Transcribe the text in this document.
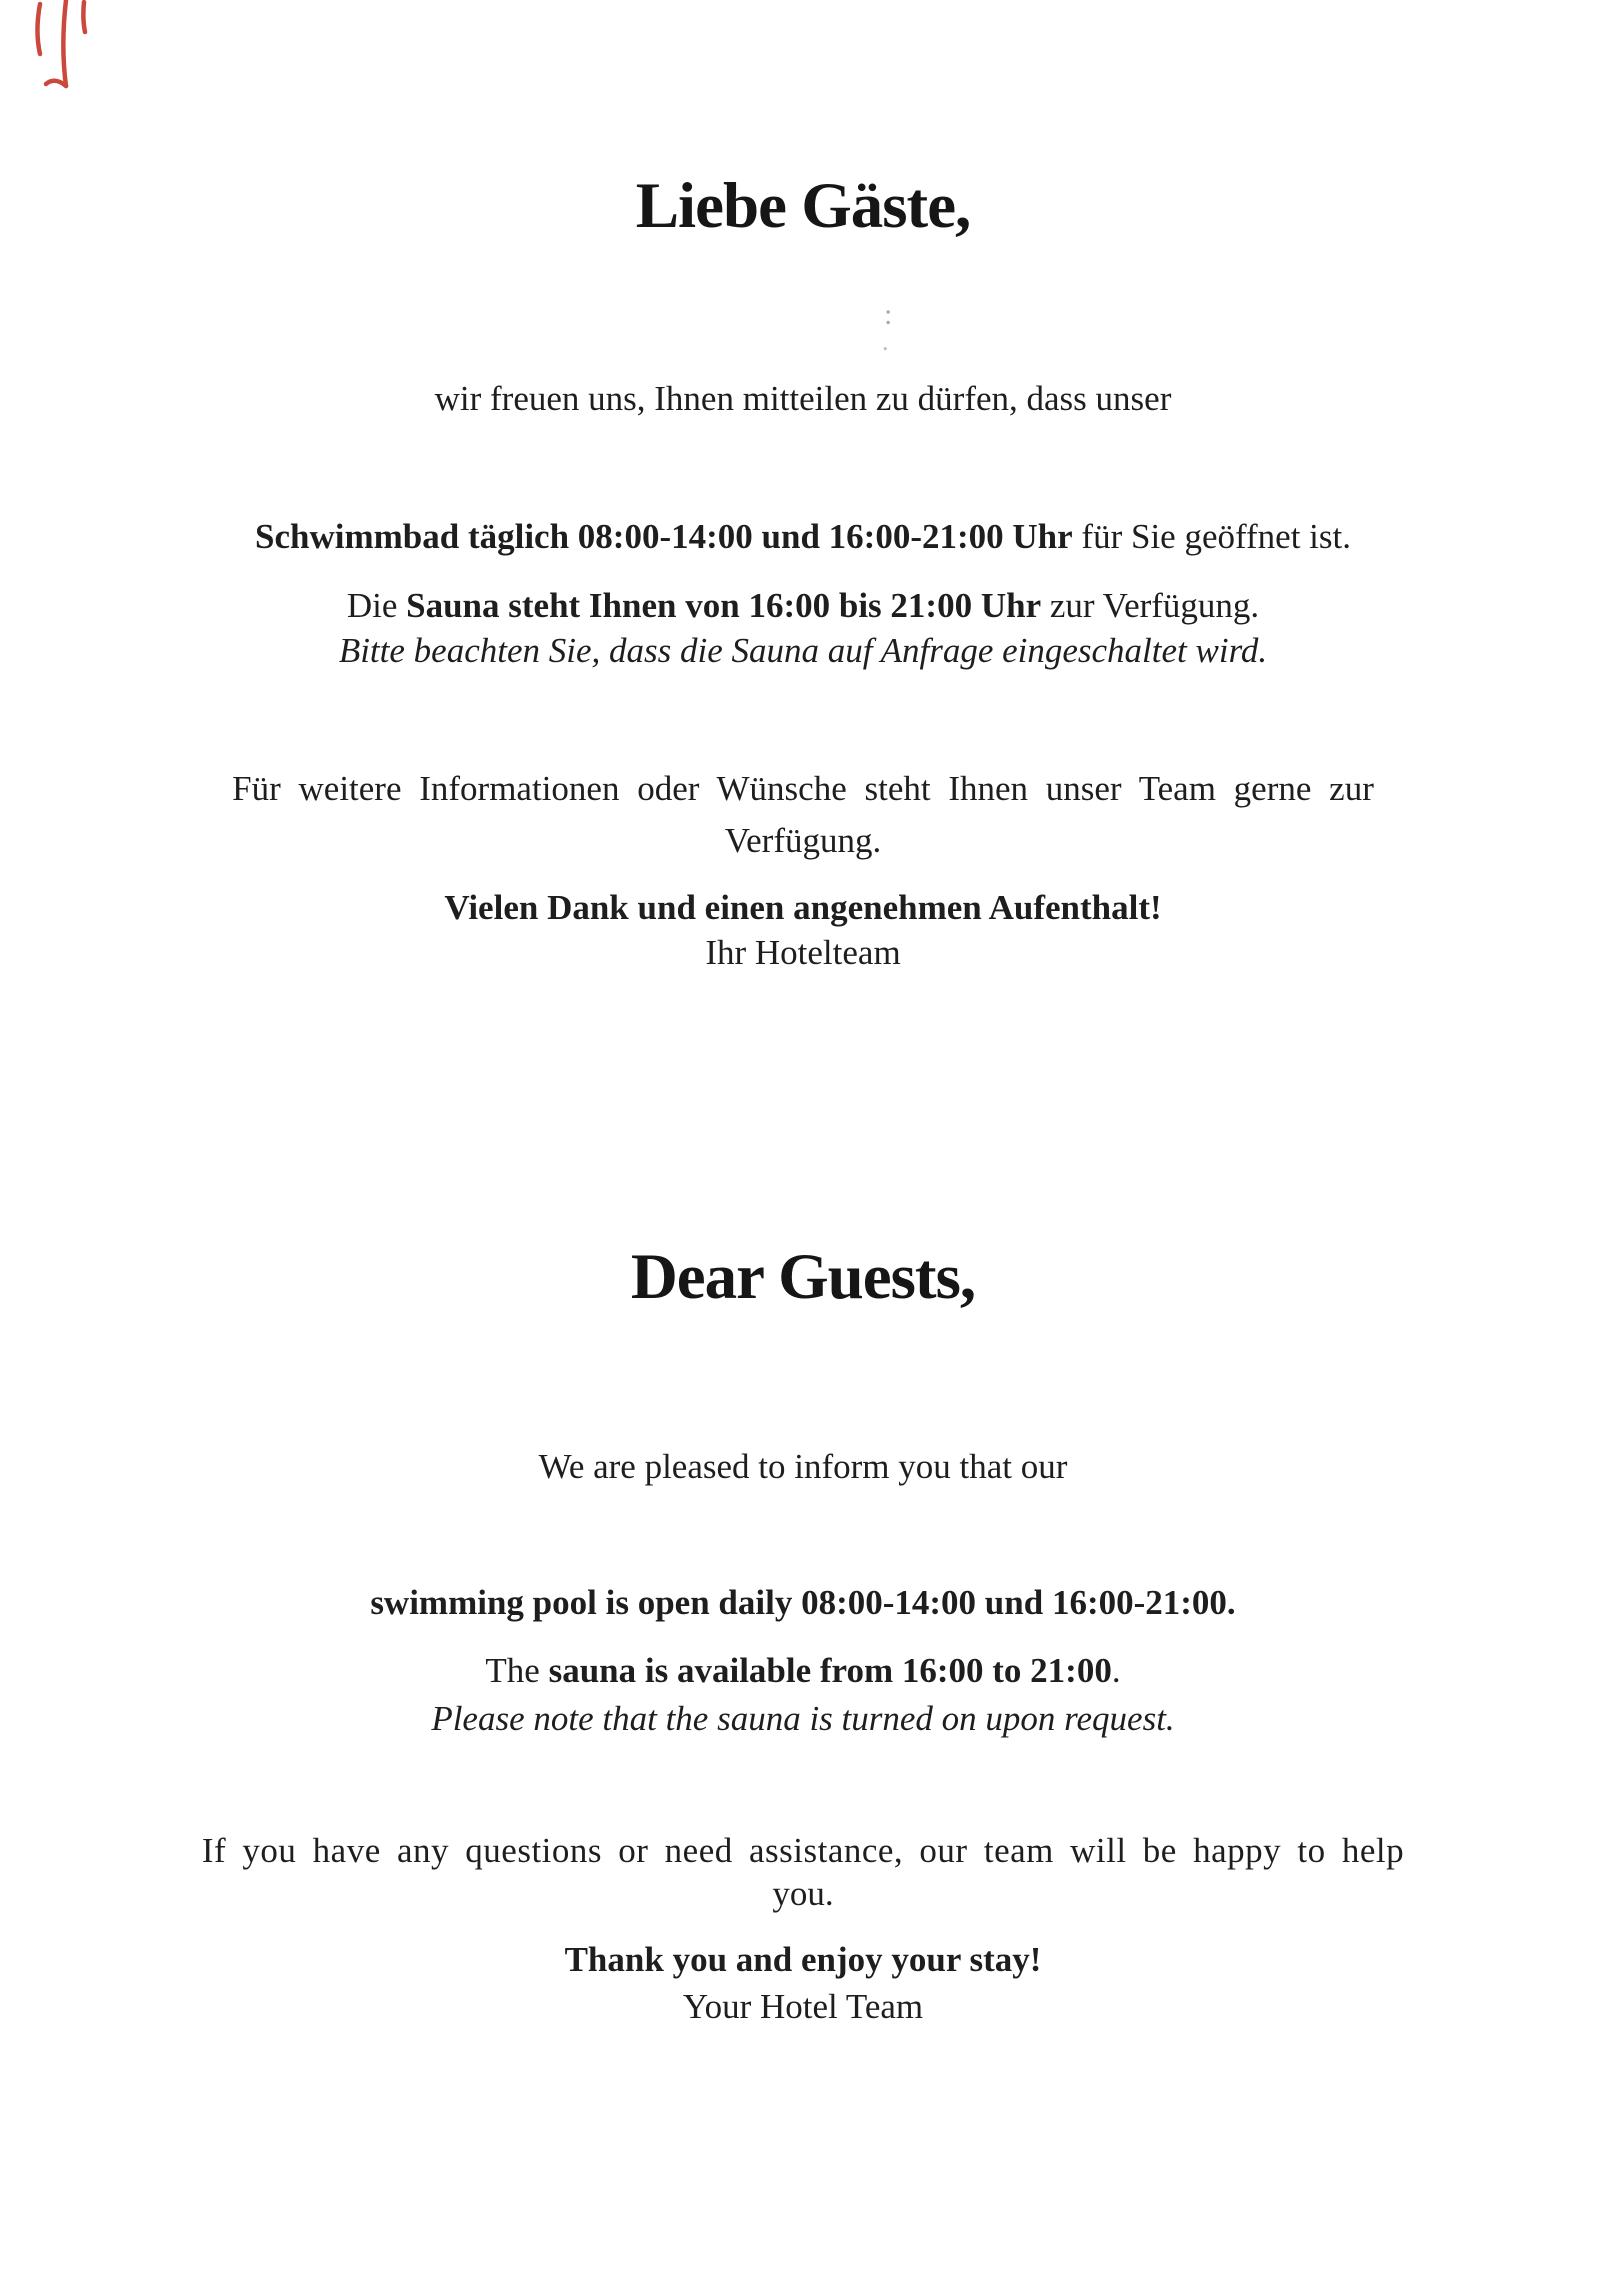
:
.
Liebe Gäste,
wir freuen uns, Ihnen mitteilen zu dürfen, dass unser
Schwimmbad täglich 08:00-14:00 und 16:00-21:00 Uhr für Sie geöffnet ist.
Die Sauna steht Ihnen von 16:00 bis 21:00 Uhr zur Verfügung.
Bitte beachten Sie, dass die Sauna auf Anfrage eingeschaltet wird.
Für weitere Informationen oder Wünsche steht Ihnen unser Team gerne zur
Verfügung.
Vielen Dank und einen angenehmen Aufenthalt!
Ihr Hotelteam
Dear Guests,
We are pleased to inform you that our
swimming pool is open daily 08:00-14:00 und 16:00-21:00.
The sauna is available from 16:00 to 21:00.
Please note that the sauna is turned on upon request.
If you have any questions or need assistance, our team will be happy to help
you.
Thank you and enjoy your stay!
Your Hotel Team
